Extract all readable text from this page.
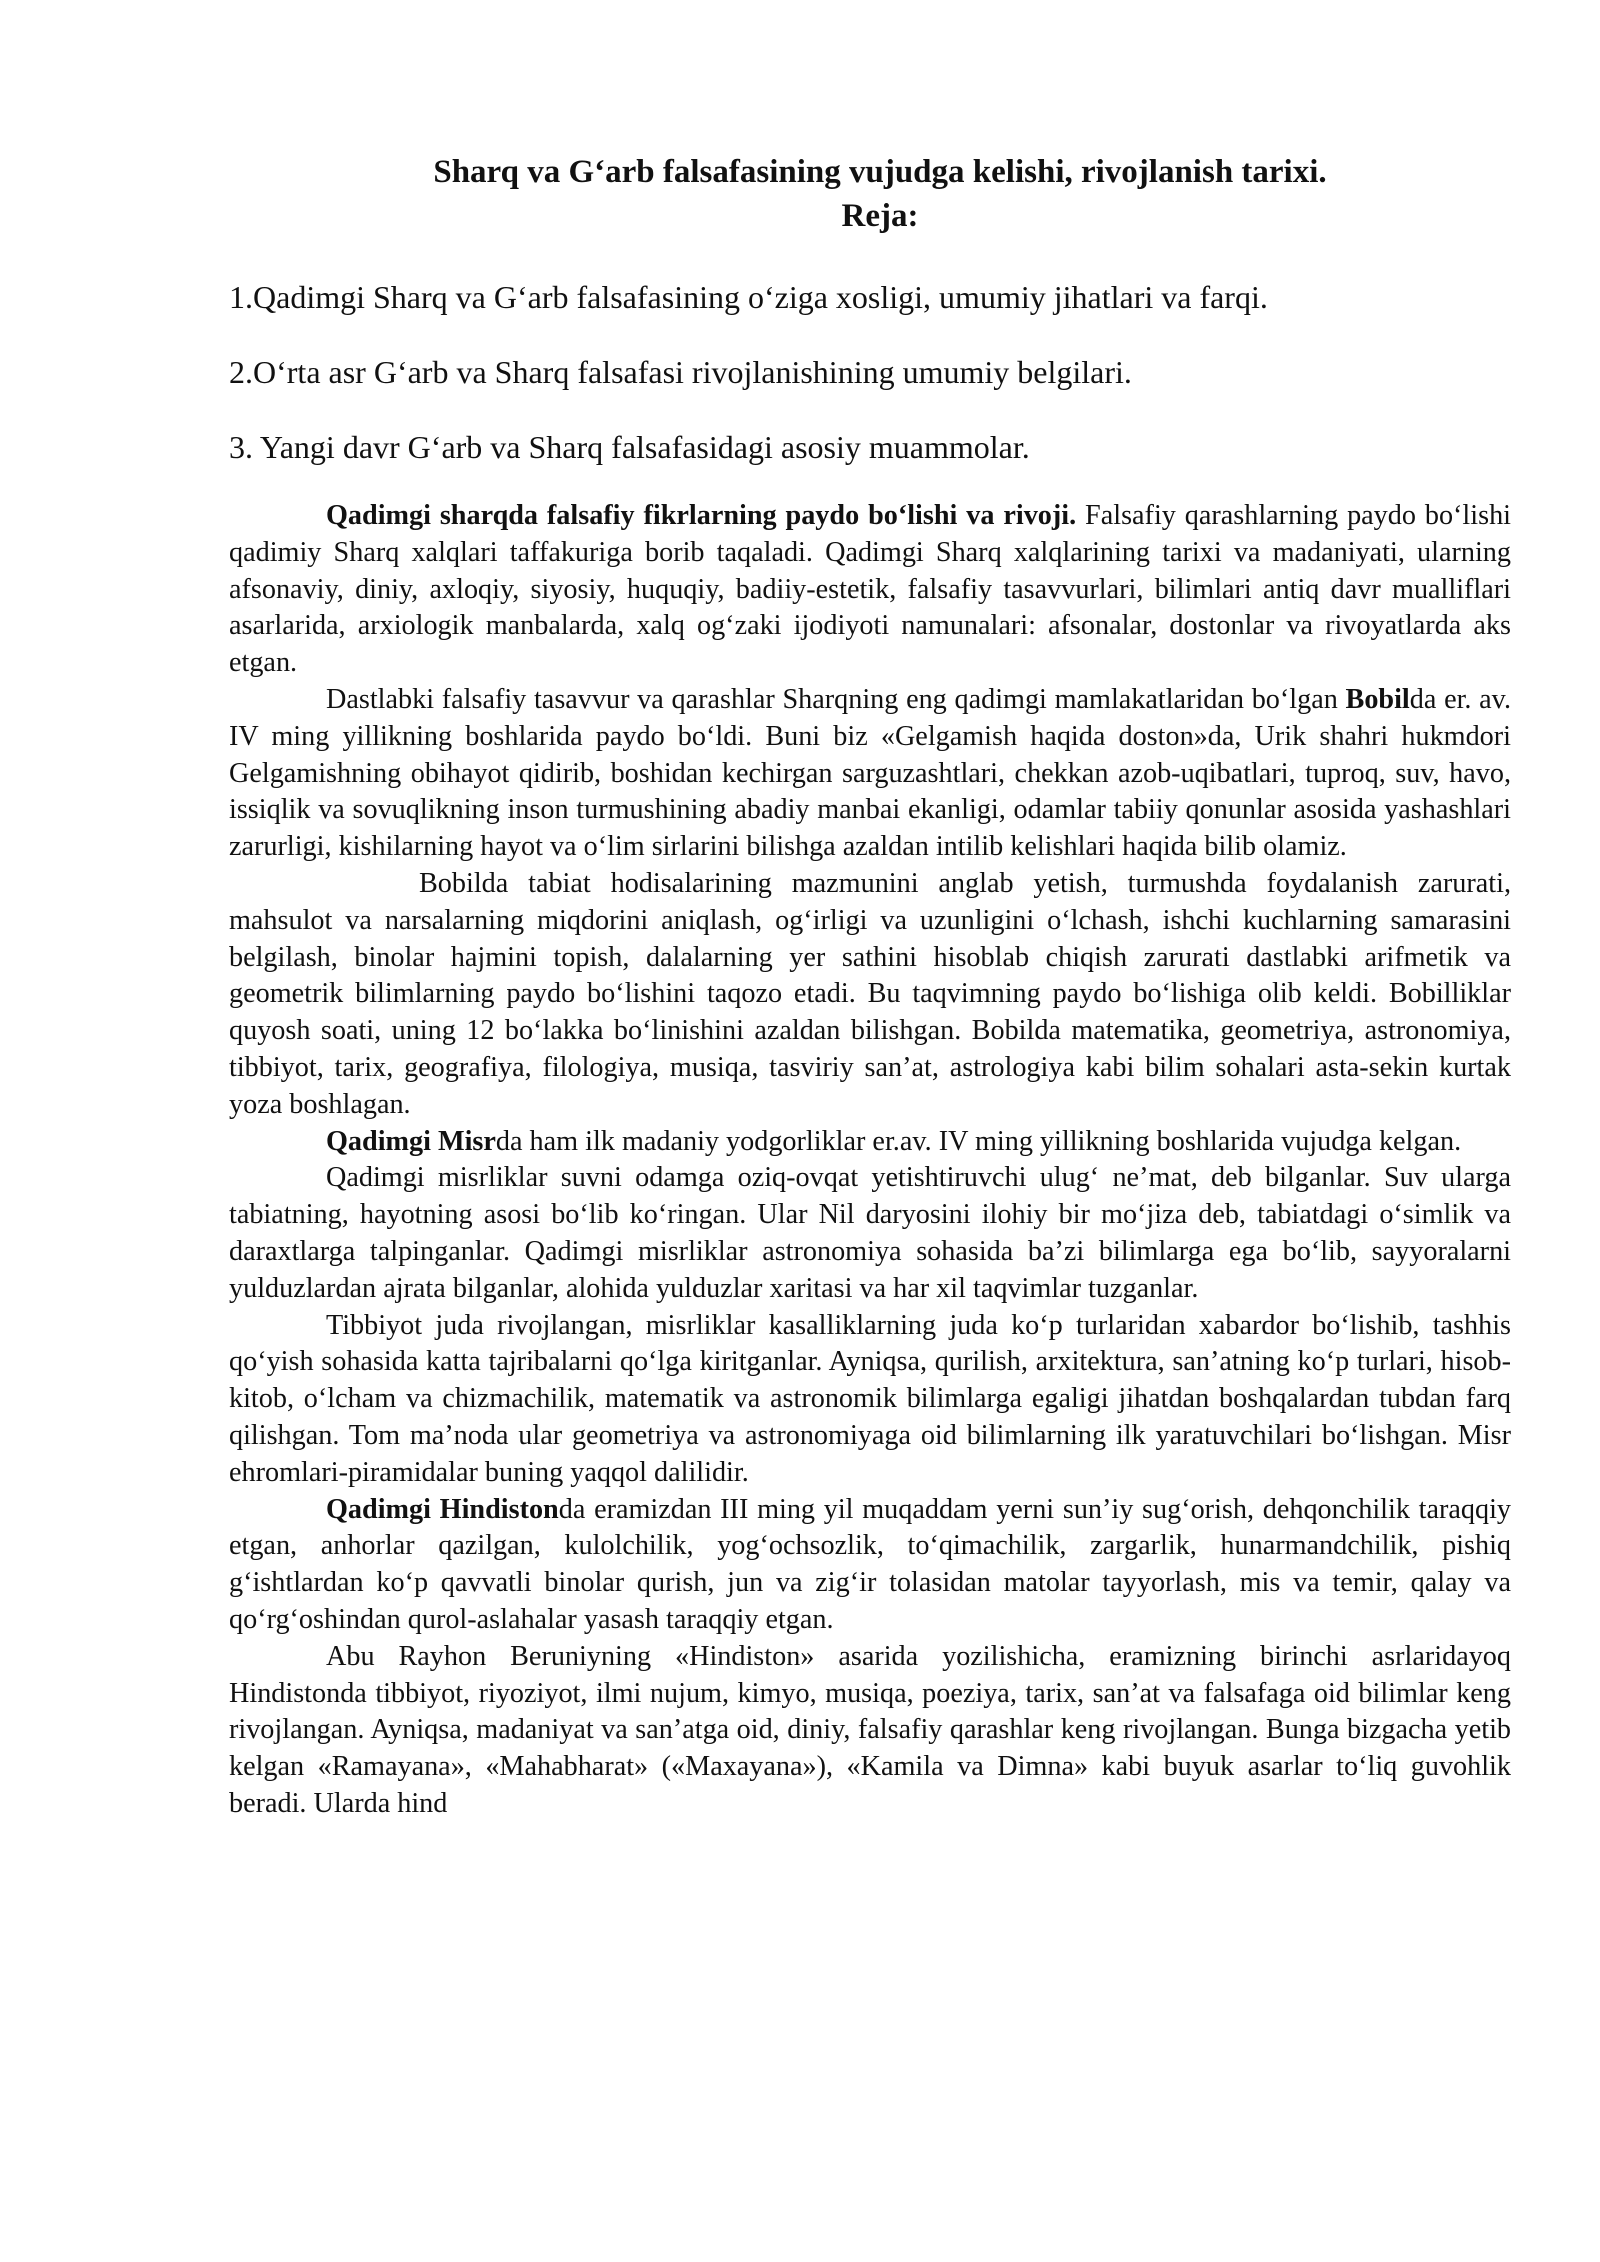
Sharq va G‘arb falsafasining vujudga kelishi, rivojlanish tarixi.
Reja:
1.Qadimgi Sharq va G‘arb falsafasining o‘ziga xosligi, umumiy jihatlari va farqi.
2.O‘rta asr G‘arb va Sharq falsafasi rivojlanishining umumiy belgilari.
3. Yangi davr G‘arb va Sharq falsafasidagi asosiy muammolar.

Qadimgi sharqda falsafiy fikrlarning paydo bo‘lishi va rivoji. Falsafiy qarashlarning paydo bo‘lishi qadimiy Sharq xalqlari taffakuriga borib taqaladi. Qadimgi Sharq xalqlarining tarixi va madaniyati, ularning afsonaviy, diniy, axloqiy, siyosiy, huquqiy, badiiy-estetik, falsafiy tasavvurlari, bilimlari antiq davr mualliflari asarlarida, arxiologik manbalarda, xalq og‘zaki ijodiyoti namunalari: afsonalar, dostonlar va rivoyatlarda aks etgan.

Dastlabki falsafiy tasavvur va qarashlar Sharqning eng qadimgi mamlakatlaridan bo‘lgan Bobilda er. av. IV ming yillikning boshlarida paydo bo‘ldi. Buni biz «Gelgamish haqida doston»da, Urik shahri hukmdori Gelgamishning obihayot qidirib, boshidan kechirgan sarguzashtlari, chekkan azob-uqibatlari, tuproq, suv, havo, issiqlik va sovuqlikning inson turmushining abadiy manbai ekanligi, odamlar tabiiy qonunlar asosida yashashlari zarurligi, kishilarning hayot va o‘lim sirlarini bilishga azaldan intilib kelishlari haqida bilib olamiz.

Bobilda tabiat hodisalarining mazmunini anglab yetish, turmushda foydalanish zarurati, mahsulot va narsalarning miqdorini aniqlash, og‘irligi va uzunligini o‘lchash, ishchi kuchlarning samarasini belgilash, binolar hajmini topish, dalalarning yer sathini hisoblab chiqish zarurati dastlabki arifmetik va geometrik bilimlarning paydo bo‘lishini taqozo etadi. Bu taqvimning paydo bo‘lishiga olib keldi. Bobilliklar quyosh soati, uning 12 bo‘lakka bo‘linishini azaldan bilishgan. Bobilda matematika, geometriya, astronomiya, tibbiyot, tarix, geografiya, filologiya, musiqa, tasviriy san’at, astrologiya kabi bilim sohalari asta-sekin kurtak yoza boshlagan.

Qadimgi Misrda ham ilk madaniy yodgorliklar er.av. IV ming yillikning boshlarida vujudga kelgan.

Qadimgi misrliklar suvni odamga oziq-ovqat yetishtiruvchi ulug‘ ne’mat, deb bilganlar. Suv ularga tabiatning, hayotning asosi bo‘lib ko‘ringan. Ular Nil daryosini ilohiy bir mo‘jiza deb, tabiatdagi o‘simlik va daraxtlarga talpinganlar. Qadimgi misrliklar astronomiya sohasida ba’zi bilimlarga ega bo‘lib, sayyoralarni yulduzlardan ajrata bilganlar, alohida yulduzlar xaritasi va har xil taqvimlar tuzganlar.

Tibbiyot juda rivojlangan, misrliklar kasalliklarning juda ko‘p turlaridan xabardor bo‘lishib, tashhis qo‘yish sohasida katta tajribalarni qo‘lga kiritganlar. Ayniqsa, qurilish, arxitektura, san’atning ko‘p turlari, hisob-kitob, o‘lcham va chizmachilik, matematik va astronomik bilimlarga egaligi jihatdan boshqalardan tubdan farq qilishgan. Tom ma’noda ular geometriya va astronomiyaga oid bilimlarning ilk yaratuvchilari bo‘lishgan. Misr ehromlari-piramidalar buning yaqqol dalilidir.

Qadimgi Hindistonda eramizdan III ming yil muqaddam yerni sun’iy sug‘orish, dehqonchilik taraqqiy etgan, anhorlar qazilgan, kulolchilik, yog‘ochsozlik, to‘qimachilik, zargarlik, hunarmandchilik, pishiq g‘ishtlardan ko‘p qavvatli binolar qurish, jun va zig‘ir tolasidan matolar tayyorlash, mis va temir, qalay va qo‘rg‘oshindan qurol-aslahalar yasash taraqqiy etgan.

Abu Rayhon Beruniyning «Hindiston» asarida yozilishicha, eramizning birinchi asrlaridayoq Hindistonda tibbiyot, riyoziyot, ilmi nujum, kimyo, musiqa, poeziya, tarix, san’at va falsafaga oid bilimlar keng rivojlangan. Ayniqsa, madaniyat va san’atga oid, diniy, falsafiy qarashlar keng rivojlangan. Bunga bizgacha yetib kelgan «Ramayana», «Mahabharat» («Maxayana»), «Kamila va Dimna» kabi buyuk asarlar to‘liq guvohlik beradi. Ularda hind
